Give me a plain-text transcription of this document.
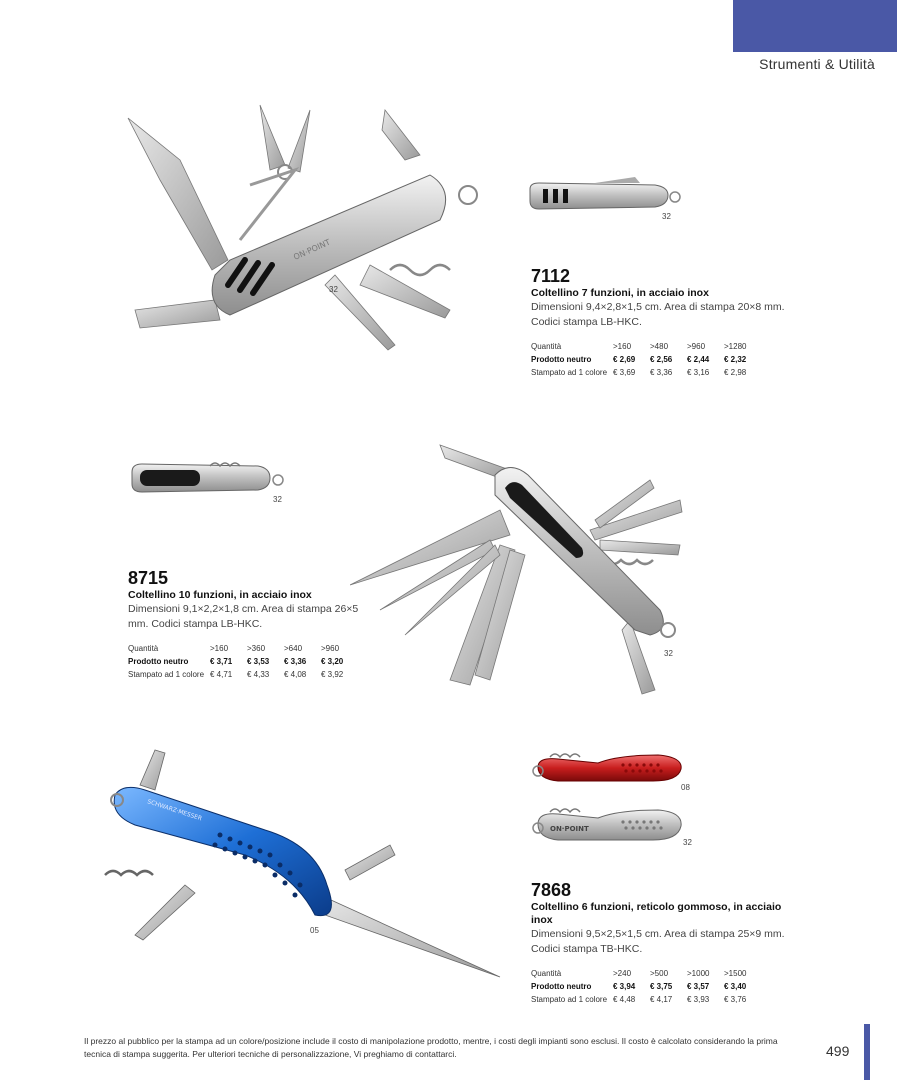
Strumenti & Utilità
ON·POINT
32
32
7112
Coltellino 7 funzioni, in acciaio inox
Dimensioni 9,4×2,8×1,5 cm. Area di stampa 20×8 mm. Codici stampa LB-HKC.
Quantità	>160	>480	>960	>1280
Prodotto neutro	€ 2,69	€ 2,56	€ 2,44	€ 2,32
Stampato ad 1 colore	€ 3,69	€ 3,36	€ 3,16	€ 2,98
32
32
8715
Coltellino 10 funzioni, in acciaio inox
Dimensioni 9,1×2,2×1,8 cm. Area di stampa 26×5 mm. Codici stampa LB-HKC.
Quantità	>160	>360	>640	>960
Prodotto neutro	€ 3,71	€ 3,53	€ 3,36	€ 3,20
Stampato ad 1 colore	€ 4,71	€ 4,33	€ 4,08	€ 3,92
ON·POINT
SCHWARZ·MESSER
08
32
05
7868
Coltellino 6 funzioni, reticolo gommoso, in acciaio inox
Dimensioni 9,5×2,5×1,5 cm. Area di stampa 25×9 mm. Codici stampa TB-HKC.
Quantità	>240	>500	>1000	>1500
Prodotto neutro	€ 3,94	€ 3,75	€ 3,57	€ 3,40
Stampato ad 1 colore	€ 4,48	€ 4,17	€ 3,93	€ 3,76
Il prezzo al pubblico per la stampa ad un colore/posizione include il costo di manipolazione prodotto, mentre, i costi degli impianti sono esclusi. Il costo è calcolato considerando la prima tecnica di stampa suggerita. Per ulteriori tecniche di personalizzazione, Vi preghiamo di contattarci.	499
